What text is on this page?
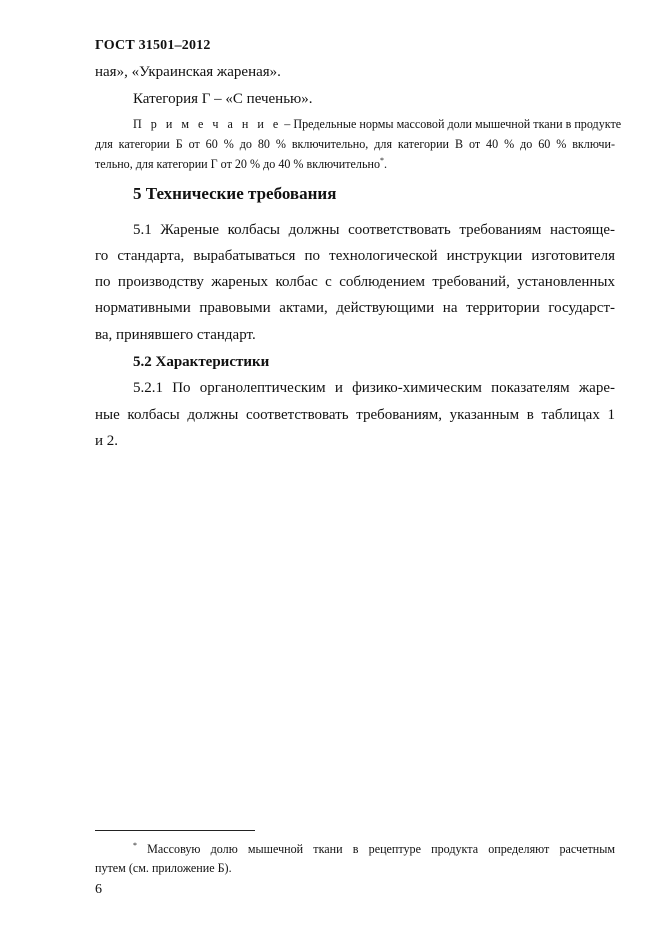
ГОСТ 31501–2012
ная», «Украинская жареная».
Категория Г – «С печенью».
П р и м е ч а н и е – Предельные нормы массовой доли мышечной ткани в продукте
для категории Б от 60 % до 80 % включительно, для категории В от 40 % до 60 % включи-
тельно, для категории Г от 20 % до 40 % включительно*.
5 Технические требования
5.1 Жареные колбасы должны соответствовать требованиям настояще-
го стандарта, вырабатываться по технологической инструкции изготовителя
по производству жареных колбас с соблюдением требований, установленных
нормативными правовыми актами, действующими на территории государст-
ва, принявшего стандарт.
5.2 Характеристики
5.2.1 По органолептическим и физико-химическим показателям жаре-
ные колбасы должны соответствовать требованиям, указанным в таблицах 1
и 2.
* Массовую долю мышечной ткани в рецептуре продукта определяют расчетным
путем (см. приложение Б).
6
